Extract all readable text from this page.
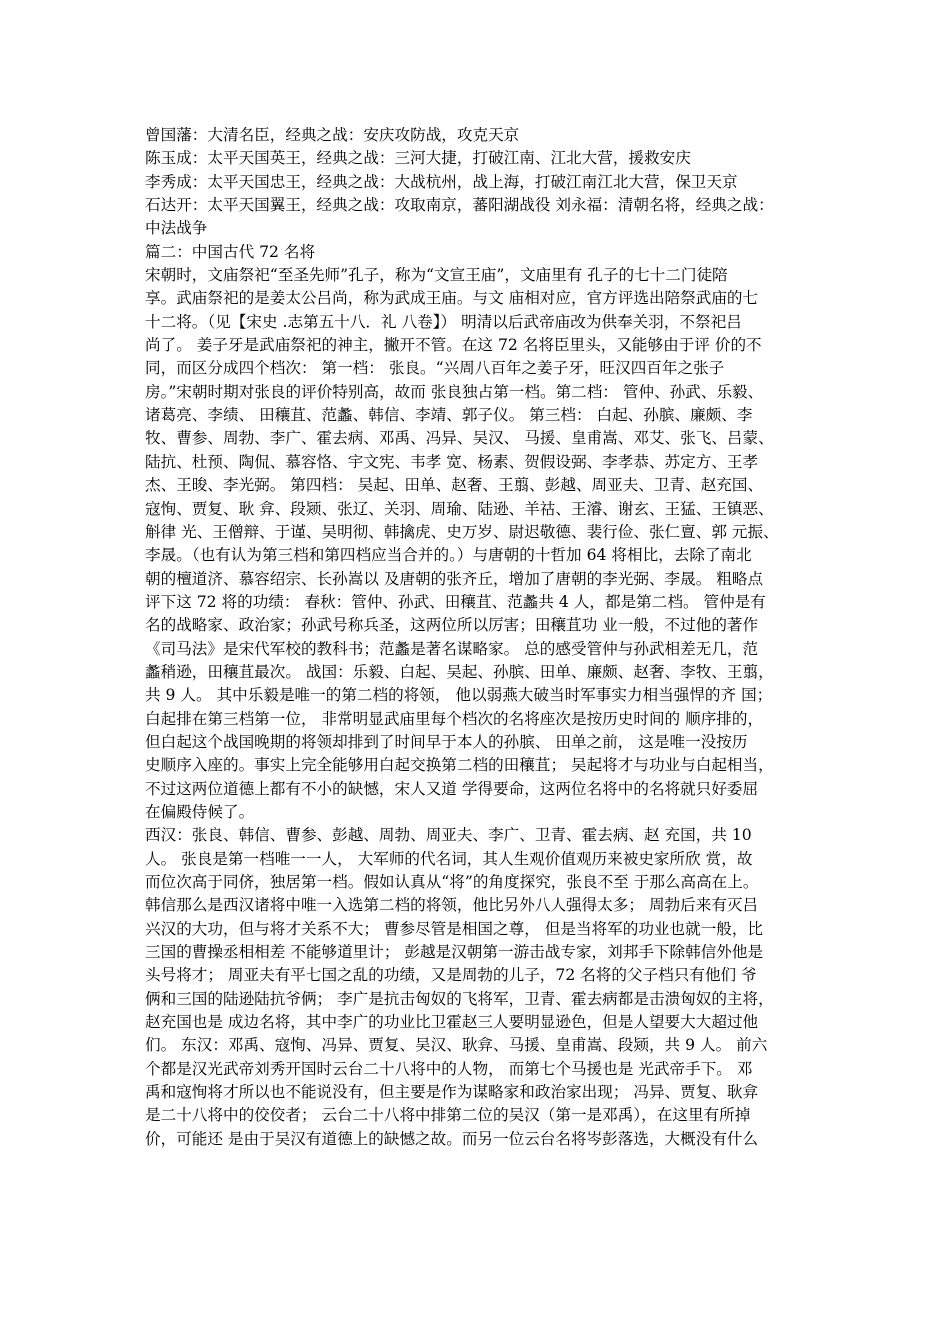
曾国藩：大清名臣，经典之战：安庆攻防战，攻克天京

陈玉成：太平天国英王，经典之战：三河大捷，打破江南、江北大营，援救安庆

李秀成：太平天国忠王，经典之战：大战杭州，战上海，打破江南江北大营，保卫天京

石达开：太平天国翼王，经典之战：攻取南京，蕃阳湖战役 刘永福：清朝名将，经典之战：

中法战争

篇二：中国古代 72 名将

宋朝时，文庙祭祀“至圣先师”孔子，称为“文宣王庙”，文庙里有 孔子的七十二门徒陪

享。武庙祭祀的是姜太公吕尚，称为武成王庙。与文 庙相对应，官方评选出陪祭武庙的七

十二将。（见【宋史 .志第五十八．礼 八卷】） 明清以后武帝庙改为供奉关羽，不祭祀吕

尚了。 姜子牙是武庙祭祀的神主，撇开不管。在这 72 名将臣里头，又能够由于评 价的不

同，而区分成四个档次： 第一档： 张良。“兴周八百年之姜子牙，旺汉四百年之张子

房。”宋朝时期对张良的评价特别高，故而 张良独占第一档。第二档： 管仲、孙武、乐毅、

诸葛亮、李绩、 田穰苴、范蠡、韩信、李靖、郭子仪。 第三档： 白起、孙膑、廉颇、李

牧、曹参、周勃、李广、霍去病、邓禹、冯异、吴汉、 马援、皇甫嵩、邓艾、张飞、吕蒙、

陆抗、杜预、陶侃、慕容恪、宇文宪、韦孝 宽、杨素、贺假设弼、李孝恭、苏定方、王孝

杰、王晙、李光弼。 第四档： 吴起、田单、赵奢、王翦、彭越、周亚夫、卫青、赵充国、

寇恂、贾复、耿 弇、段颎、张辽、关羽、周瑜、陆逊、羊祜、王濬、谢玄、王猛、王镇恶、

斛律 光、王僧辩、于谨、吴明彻、韩擒虎、史万岁、尉迟敬德、裴行俭、张仁亶、郭 元振、

李晟。（也有认为第三档和第四档应当合并的。）与唐朝的十哲加 64 将相比，去除了南北

朝的檀道济、慕容绍宗、长孙嵩以 及唐朝的张齐丘，增加了唐朝的李光弼、李晟。 粗略点

评下这 72 将的功绩： 春秋：管仲、孙武、田穰苴、范蠡共 4 人，都是第二档。 管仲是有

名的战略家、政治家；孙武号称兵圣，这两位所以厉害；田穰苴功 业一般，不过他的著作

《司马法》是宋代军校的教科书；范蠡是著名谋略家。 总的感受管仲与孙武相差无几，范

蠡稍逊，田穰苴最次。 战国：乐毅、白起、吴起、孙膑、田单、廉颇、赵奢、李牧、王翦，

共 9 人。 其中乐毅是唯一的第二档的将领， 他以弱燕大破当时军事实力相当强悍的齐 国；

白起排在第三档第一位， 非常明显武庙里每个档次的名将座次是按历史时间的 顺序排的，

但白起这个战国晚期的将领却排到了时间早于本人的孙膑、 田单之前， 这是唯一没按历

史顺序入座的。事实上完全能够用白起交换第二档的田穰苴； 吴起将才与功业与白起相当，

不过这两位道德上都有不小的缺憾，宋人又道 学得要命，这两位名将中的名将就只好委屈

在偏殿侍候了。

西汉：张良、韩信、曹参、彭越、周勃、周亚夫、李广、卫青、霍去病、赵 充国，共 10

人。 张良是第一档唯一一人， 大军师的代名词，其人生观价值观历来被史家所欣 赏，故

而位次高于同侪，独居第一档。假如认真从“将”的角度探究，张良不至 于那么高高在上。

韩信那么是西汉诸将中唯一入选第二档的将领，他比另外八人强得太多； 周勃后来有灭吕

兴汉的大功，但与将才关系不大； 曹参尽管是相国之尊， 但是当将军的功业也就一般，比

三国的曹操丞相相差 不能够道里计； 彭越是汉朝第一游击战专家，刘邦手下除韩信外他是

头号将才； 周亚夫有平七国之乱的功绩，又是周勃的儿子，72 名将的父子档只有他们 爷

俩和三国的陆逊陆抗爷俩； 李广是抗击匈奴的飞将军，卫青、霍去病都是击溃匈奴的主将，

赵充国也是 成边名将，其中李广的功业比卫霍赵三人要明显逊色，但是人望要大大超过他

们。 东汉：邓禹、寇恂、冯异、贾复、吴汉、耿弇、马援、皇甫嵩、段颎，共 9 人。 前六

个都是汉光武帝刘秀开国时云台二十八将中的人物， 而第七个马援也是 光武帝手下。 邓

禹和寇恂将才所以也不能说没有，但主要是作为谋略家和政治家出现； 冯异、贾复、耿弇

是二十八将中的佼佼者； 云台二十八将中排第二位的吴汉（第一是邓禹），在这里有所掉

价，可能还 是由于吴汉有道德上的缺憾之故。而另一位云台名将岑彭落选，大概没有什么
